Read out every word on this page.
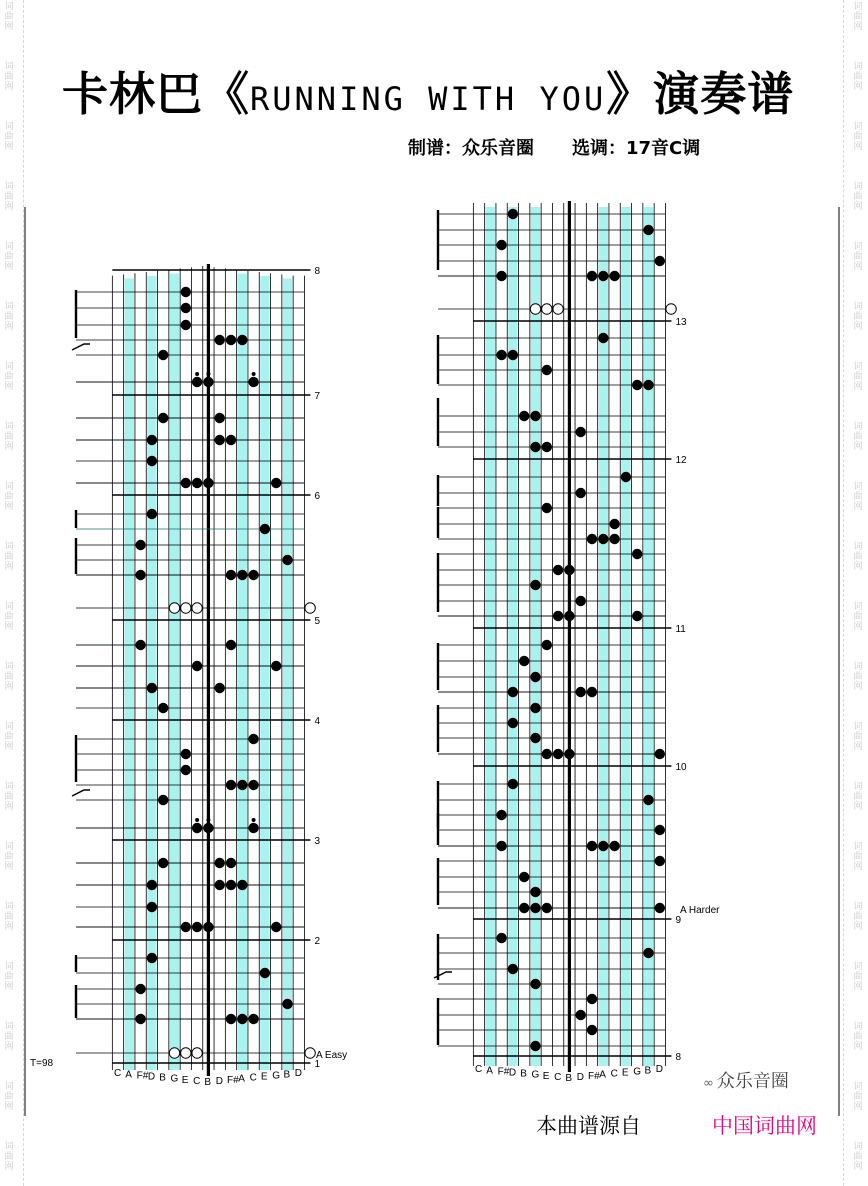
词
曲
网
词
曲
网
词
曲
网
词
曲
网
词
曲
网
词
曲
网
词
曲
网
词
曲
网
词
曲
网
词
曲
网
词
曲
网
词
曲
网
词
曲
网
词
曲
网
词
曲
网
词
曲
网
词
曲
网
词
曲
网
词
曲
网
词
曲
网
词
曲
网
词
曲
网
词
曲
网
词
曲
网
词
曲
网
词
曲
网
词
曲
网
词
曲
网
词
曲
网
词
曲
网
词
曲
网
词
曲
网
词
曲
网
词
曲
网
词
曲
网
词
曲
网
词
曲
网
词
曲
网
词
曲
网
词
曲
网
卡林巴《RUNNING WITH YOU》演奏谱
制谱：众乐音圈 选调：17音C调
8
7
6
5
4
3
2
1
C A F# D B G E C B D F# A C E G B D
T=98
A Easy
13
12
11
10
9
8
C A F# D B G E C B D F# A C E G B D
A Harder
∞ 众乐音圈
本曲谱源自	中国词曲网
